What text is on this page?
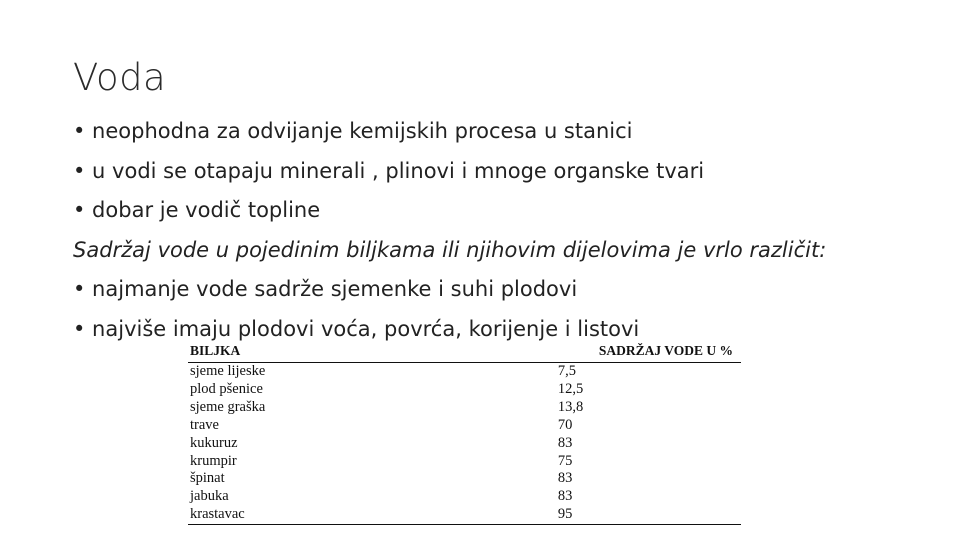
Voda
• neophodna za odvijanje kemijskih procesa u stanici
• u vodi se otapaju minerali , plinovi i mnoge organske tvari
• dobar je vodič topline
Sadržaj vode u pojedinim biljkama ili njihovim dijelovima je vrlo različit:
• najmanje vode sadrže sjemenke i suhi plodovi
• najviše imaju plodovi voća, povrća, korijenje i listovi
BILJKA	SADRŽAJ VODE U %
sjeme lijeske	7,5
plod pšenice	12,5
sjeme graška	13,8
trave	70
kukuruz	83
krumpir	75
špinat	83
jabuka	83
krastavac	95
